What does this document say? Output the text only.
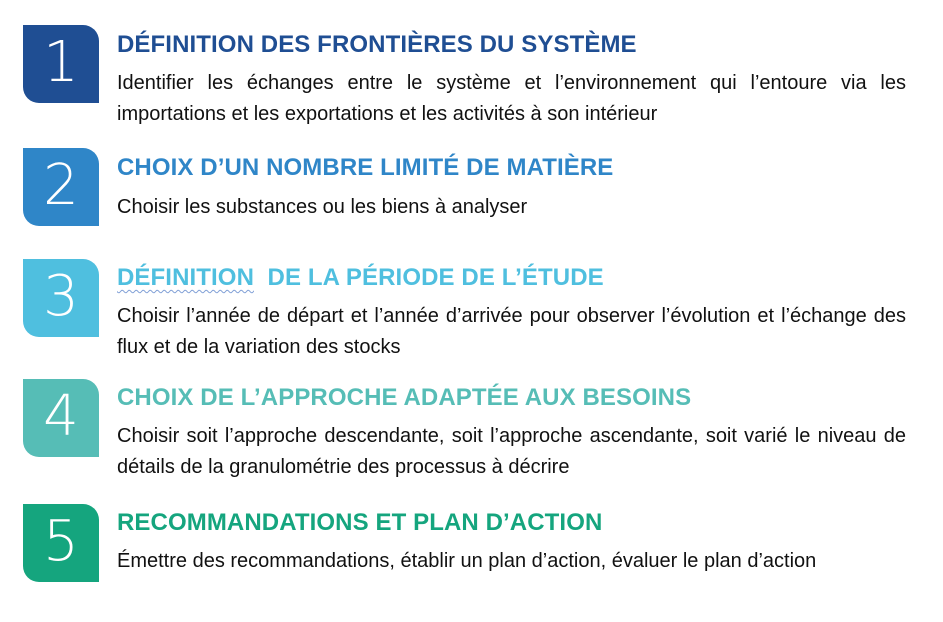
1 DÉFINITION DES FRONTIÈRES DU SYSTÈME
Identifier les échanges entre le système et l’environnement qui l’entoure via les importations et les exportations et les activités à son intérieur
2 CHOIX D’UN NOMBRE LIMITÉ DE MATIÈRE
Choisir les substances ou les biens à analyser
3 DÉFINITION  DE LA PÉRIODE DE L’ÉTUDE
Choisir l’année de départ et l’année d’arrivée pour observer l’évolution et l’échange des flux et de la variation des stocks
4 CHOIX DE L’APPROCHE ADAPTÉE AUX BESOINS
Choisir soit l’approche descendante, soit l’approche ascendante, soit varié le niveau de détails de la granulométrie des processus à décrire
5 RECOMMANDATIONS ET PLAN D’ACTION
Émettre des recommandations, établir un plan d’action, évaluer le plan d’action
